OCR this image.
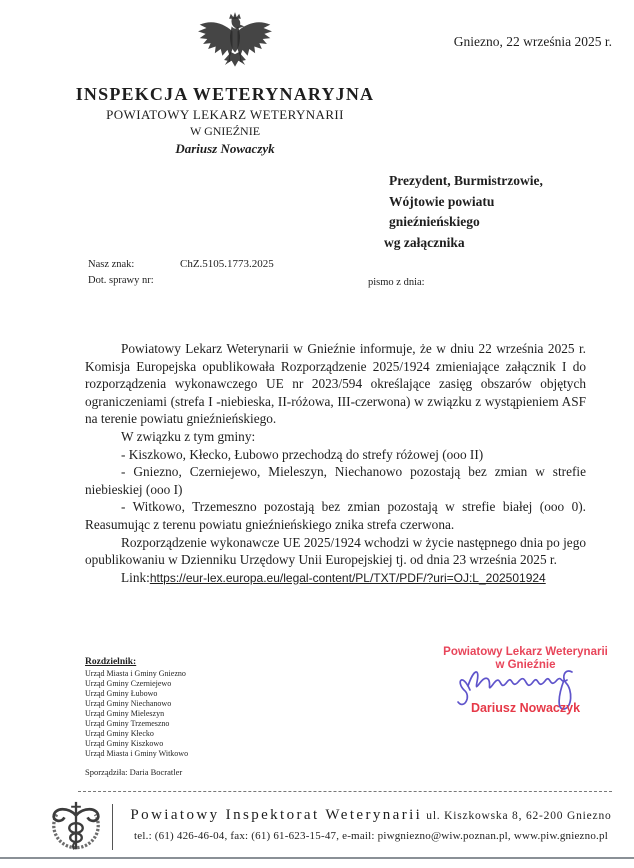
Gniezno, 22 września 2025 r.
INSPEKCJA WETERYNARYJNA
POWIATOWY LEKARZ WETERYNARII
W GNIEŹNIE
Dariusz Nowaczyk
Prezydent, Burmistrzowie,
Wójtowie powiatu
gnieźnieńskiego
wg załącznika
Nasz znak:	ChZ.5105.1773.2025
Dot. sprawy nr:	pismo z dnia:

Powiatowy Lekarz Weterynarii w Gnieźnie informuje, że w dniu 22 września 2025 r. Komisja Europejska opublikowała Rozporządzenie 2025/1924 zmieniające załącznik I do rozporządzenia wykonawczego UE nr 2023/594 określające zasięg obszarów objętych ograniczeniami (strefa I -niebieska, II-różowa, III-czerwona) w związku z wystąpieniem ASF na terenie powiatu gnieźnieńskiego.

W związku z tym gminy:

- Kiszkowo, Kłecko, Łubowo przechodzą do strefy różowej (ooo II)

- Gniezno, Czerniejewo, Mieleszyn, Niechanowo pozostają bez zmian w strefie niebieskiej (ooo I)

- Witkowo, Trzemeszno pozostają bez zmian pozostają w strefie białej (ooo 0). Reasumując z terenu powiatu gnieźnieńskiego znika strefa czerwona.

Rozporządzenie wykonawcze UE 2025/1924 wchodzi w życie następnego dnia po jego opublikowaniu w Dzienniku Urzędowy Unii Europejskiej tj. od dnia 23 września 2025 r.

Link:https://eur-lex.europa.eu/legal-content/PL/TXT/PDF/?uri=OJ:L_202501924

Rozdzielnik:
Urząd Miasta i Gminy Gniezno
Urząd Gminy Czerniejewo
Urząd Gminy Łubowo
Urząd Gminy Niechanowo
Urząd Gminy Mieleszyn
Urząd Gminy Trzemeszno
Urząd Gminy Kłecko
Urząd Gminy Kiszkowo
Urząd Miasta i Gminy Witkowo
Powiatowy Lekarz Weterynarii
w Gnieźnie
Dariusz Nowaczyk
Sporządziła: Daria Bocratler
Powiatowy Inspektorat Weterynarii ul. Kiszkowska 8, 62-200 Gniezno
tel.: (61) 426-46-04, fax: (61) 61-623-15-47, e-mail: piwgniezno@wiw.poznan.pl, www.piw.gniezno.pl
